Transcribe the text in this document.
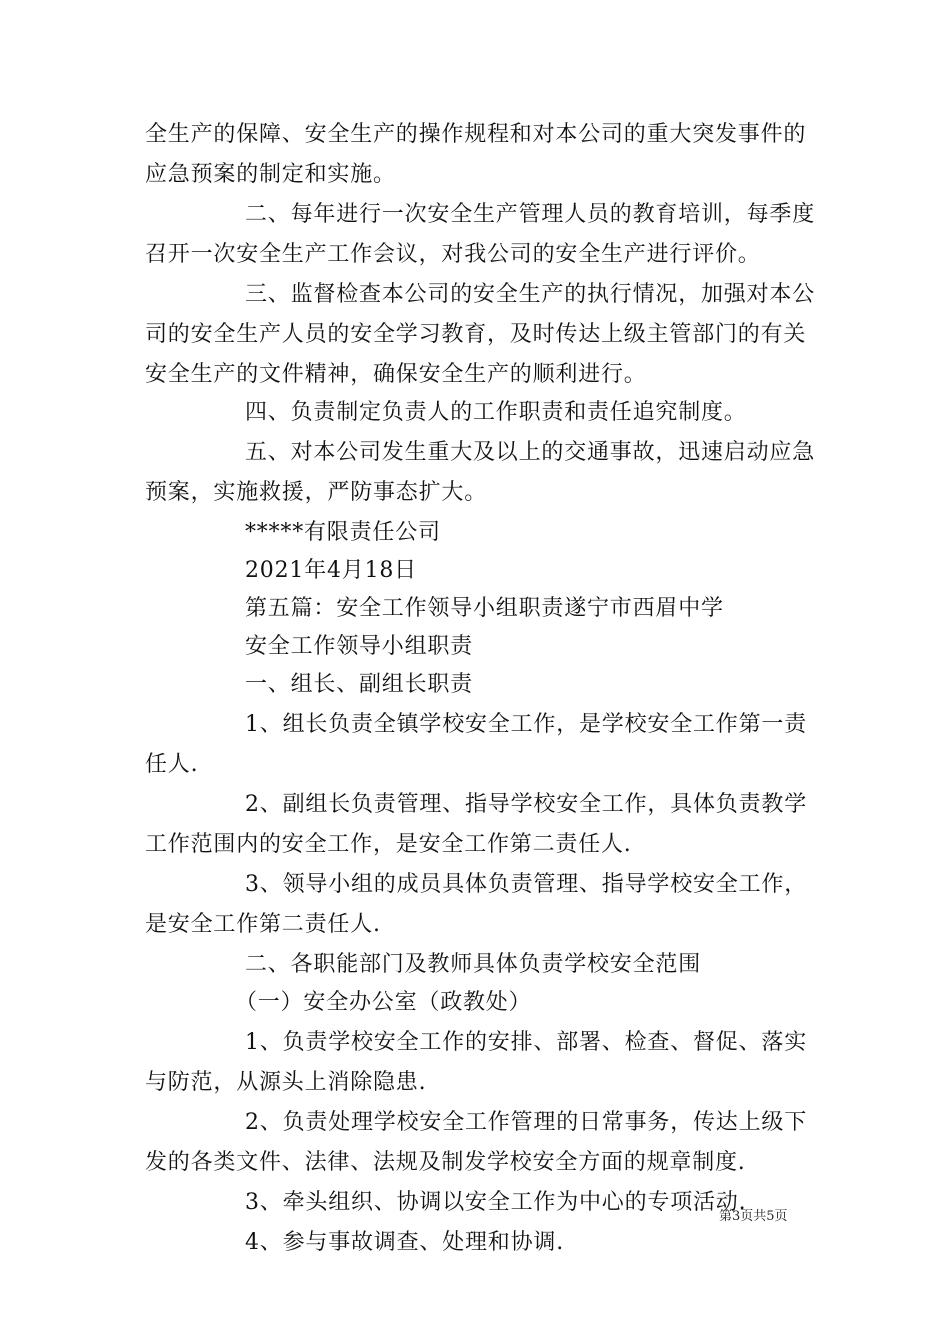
全生产的保障、安全生产的操作规程和对本公司的重大突发事件的
应急预案的制定和实施。
二、每年进行一次安全生产管理人员的教育培训，每季度
召开一次安全生产工作会议，对我公司的安全生产进行评价。
三、监督检查本公司的安全生产的执行情况，加强对本公
司的安全生产人员的安全学习教育，及时传达上级主管部门的有关
安全生产的文件精神，确保安全生产的顺利进行。
四、负责制定负责人的工作职责和责任追究制度。
五、对本公司发生重大及以上的交通事故，迅速启动应急
预案，实施救援，严防事态扩大。
*****有限责任公司
2021年4月18日
第五篇：安全工作领导小组职责遂宁市西眉中学
安全工作领导小组职责
一、组长、副组长职责
1、组长负责全镇学校安全工作，是学校安全工作第一责
任人.
2、副组长负责管理、指导学校安全工作，具体负责教学
工作范围内的安全工作，是安全工作第二责任人.
3、领导小组的成员具体负责管理、指导学校安全工作，
是安全工作第二责任人.
二、各职能部门及教师具体负责学校安全范围
（一）安全办公室（政教处）
1、负责学校安全工作的安排、部署、检查、督促、落实
与防范，从源头上消除隐患.
2、负责处理学校安全工作管理的日常事务，传达上级下
发的各类文件、法律、法规及制发学校安全方面的规章制度.
3、牵头组织、协调以安全工作为中心的专项活动.
4、参与事故调查、处理和协调.
第3页共5页
